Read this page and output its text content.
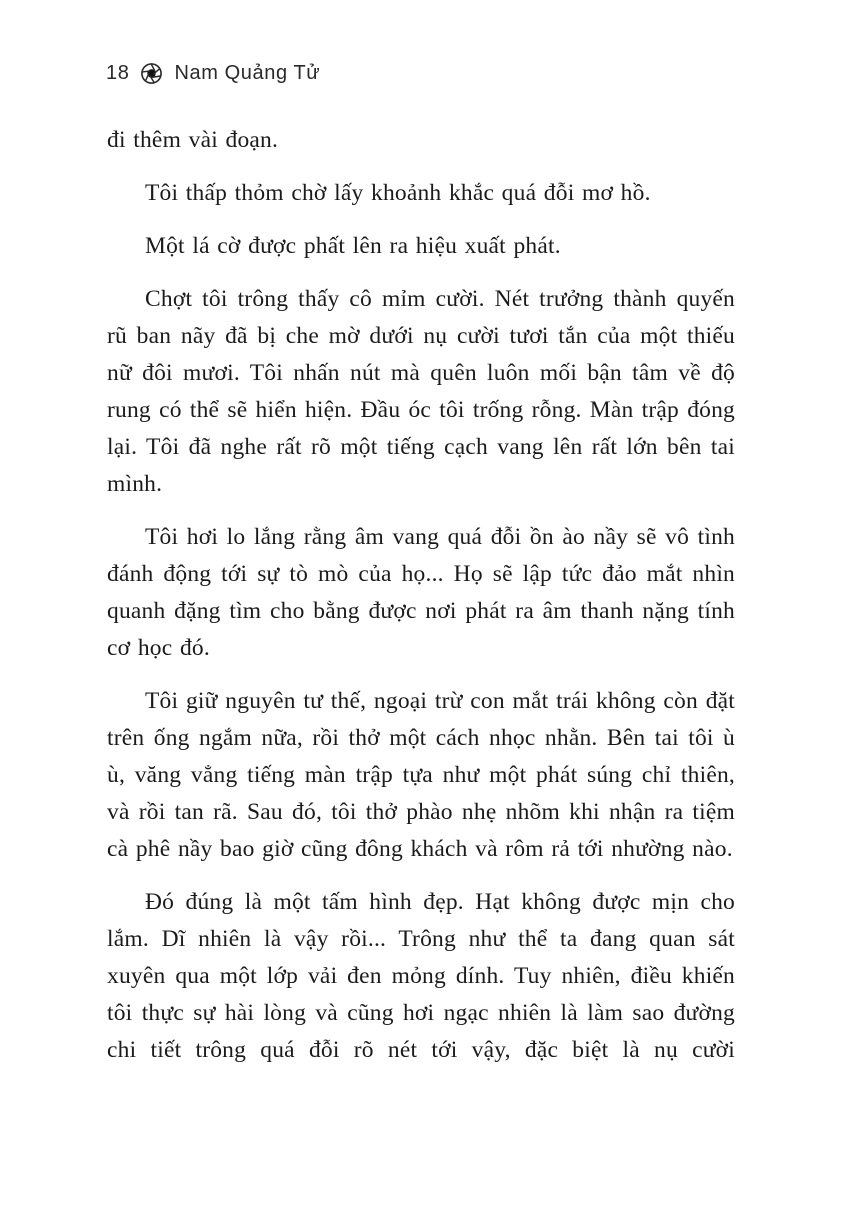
18 Nam Quảng Tử

đi thêm vài đoạn.

Tôi thấp thỏm chờ lấy khoảnh khắc quá đỗi mơ hồ.

Một lá cờ được phất lên ra hiệu xuất phát.

Chợt tôi trông thấy cô mỉm cười. Nét trưởng thành quyến rũ ban nãy đã bị che mờ dưới nụ cười tươi tắn của một thiếu nữ đôi mươi. Tôi nhấn nút mà quên luôn mối bận tâm về độ rung có thể sẽ hiển hiện. Đầu óc tôi trống rỗng. Màn trập đóng lại. Tôi đã nghe rất rõ một tiếng cạch vang lên rất lớn bên tai mình.

Tôi hơi lo lắng rằng âm vang quá đỗi ồn ào nầy sẽ vô tình đánh động tới sự tò mò của họ... Họ sẽ lập tức đảo mắt nhìn quanh đặng tìm cho bằng được nơi phát ra âm thanh nặng tính cơ học đó.

Tôi giữ nguyên tư thế, ngoại trừ con mắt trái không còn đặt trên ống ngắm nữa, rồi thở một cách nhọc nhằn. Bên tai tôi ù ù, văng vẳng tiếng màn trập tựa như một phát súng chỉ thiên, và rồi tan rã. Sau đó, tôi thở phào nhẹ nhõm khi nhận ra tiệm cà phê nầy bao giờ cũng đông khách và rôm rả tới nhường nào.

Đó đúng là một tấm hình đẹp. Hạt không được mịn cho lắm. Dĩ nhiên là vậy rồi... Trông như thể ta đang quan sát xuyên qua một lớp vải đen mỏng dính. Tuy nhiên, điều khiến tôi thực sự hài lòng và cũng hơi ngạc nhiên là làm sao đường chi tiết trông quá đỗi rõ nét tới vậy, đặc biệt là nụ cười
